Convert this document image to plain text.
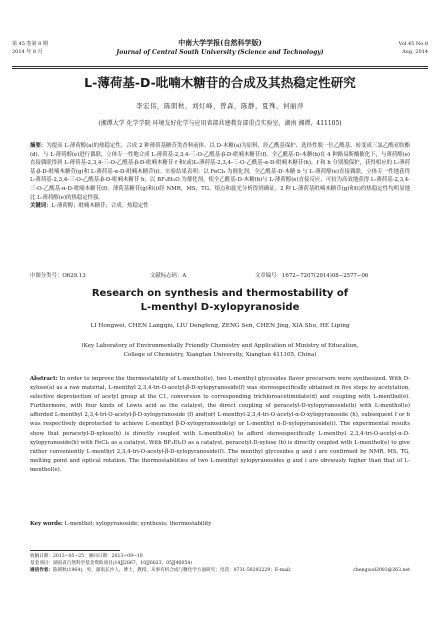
第 45 卷第 8 期
2014 年 8 月
中南大学学报(自然科学版)
Journal of Central South University (Science and Technology)
Vol.45 No.8
Aug. 2014
L-薄荷基-D-吡喃木糖苷的合成及其热稳定性研究
李宏伟，陈朗秋，刘灯峰，曾森，陈静，夏殊，何丽萍
(湘潭大学 化学学院 环境友好化学与应用省部共建教育部重点实验室，湖南 湘潭，411105)
摘要：为提高 L-薄荷醇(a)的热稳定性，合成 2 种薄荷基糖苷类香料前体。以 D-木糖(a)为原料，经乙酰基保护、选择性脱一位乙酰基、转变成三氯乙酰亚胺酯(d)、与 L-薄荷醇(e)进行偶联，立体专一性地合成 L-薄荷基-2,3,4-三-O-乙酰基-β-D-吡喃木糖苷(f)。全乙酰基-D-木糖(b)在 4 种路易斯酸催化下，与薄荷醇(e)直接偶联得到 L-薄荷基-2,3,4-三-O-乙酰基-β-D-吡喃木糖苷 f 和(或)L-薄荷基-2,3,4-三-O-乙酰基-α-D-吡喃木糖苷(h)，f 和 h 分别脱保护，获得相应的 L-薄荷基-β-D-吡喃木糖苷(g)和 L-薄荷基-α-D-吡喃木糖苷(i)。实验结果表明：以 FeCl₃ 为催化剂，全乙酰基-D-木糖 b 与 L-薄荷醇(e)直接偶联，立体专一性地获得 L-薄荷基-2,3,4-三-O-乙酰基-β-D-吡喃木糖苷 h；以 BF₃Et₂O 为催化剂，使全乙酰基-D-木糖(b)与 L-薄荷醇(e)直接反应，可较为高效地获得 L-薄荷基-2,3,4-三-O-乙酰基-α-D-吡喃木糖苷(f)。薄荷基糖苷(g)和(i)经 NMR，MS，TG，熔点和旋光分析得到确证。2 种 L-薄荷基吡喃木糖苷(g)和(i)的热稳定性均明显地比 L-薄荷醇(e)的热稳定性强。
关键词：L-薄荷醇；吡喃木糖苷；合成；热稳定性
中图分类号：O629.13	文献标志码：A	文章编号：1672−7207(2014)08−2577−06
Research on synthesis and thermostability of
L-menthyl D-xylopyranoside
LI Hongwei, CHEN Langqiu, LIU Dengfeng, ZENG Sen, CHEN Jing, XIA Shu, HE Liping
(Key Laboratory of Environmentally Friendly Chemistry and Application of Ministry of Education,
College of Chemistry, Xiangtan University, Xiangtan 411105, China)
Abstract: In order to improve the thermostability of L-menthol(e), two L-menthyl glycosides flavor precursors were synthesized. With D-xylose(a) as a raw material, L-menthyl 2,3,4-tri-O-acetyl-β-D-xylopyranoside(f) was stereospecifically obtained in five steps by acetylation, selective deprotection of acetyl group at the C1, conversion to corresponding trichloroacetimidate(d) and coupling with L-menthol(e). Furthermore, with four kinds of Lewis acid as the catalyst, the direct coupling of peracetyl-D-xylopyranoside(b) with L-menthol(e) afforded L-menthyl 2,3,4-tri-O-acetyl-β-D-xylopyranoside (f) and(or) L-menthyl-2,3,4-tri-O-acetyl-α-D-xylopyranoside (h), subsequent f or h was respectively deprotected to achieve L-menthyl β-D-xylopyranoside(g) or L-menthyl α-D-xylopyranoside(i). The experimental results show that peracetyl-D-xylose(b) is directly coupled with L-menthol(e) to afford stereospecifically L-menthyl 2,3,4-tri-O-acetyl-α-D-xylopyranoside(h) with FeCl₃ as a catalyst. With BF₃Et₂O as a catalyst, peracetyl-D-xylose (b) is directly coupled with L-menthol(e) to give rather conveniently L-menthyl 2,3,4-tri-O-acetyl-β-D-xylopyranoside(f). The menthyl glycosides g and i are confirmed by NMR, MS, TG, melting point and optical rotation. The thermostabilities of two L-menthyl xylopyranosides g and i are obviously higher than that of L-menthol(e).
Key words: L-menthol; xylopyranoside; synthesis; thermostability
收稿日期：2013−05−25；修回日期：2013−09−10
基金项目：湖南省自然科学基金资助项目(14JJ2067，10JJ6023，05JJ40054)
通信作者：陈朗秋(1964)，男，湖南长沙人，博士，教授，从事有机合成与糖化学方面研究；电话：0731-58292229；E-mail：	chengood2003@263.net
